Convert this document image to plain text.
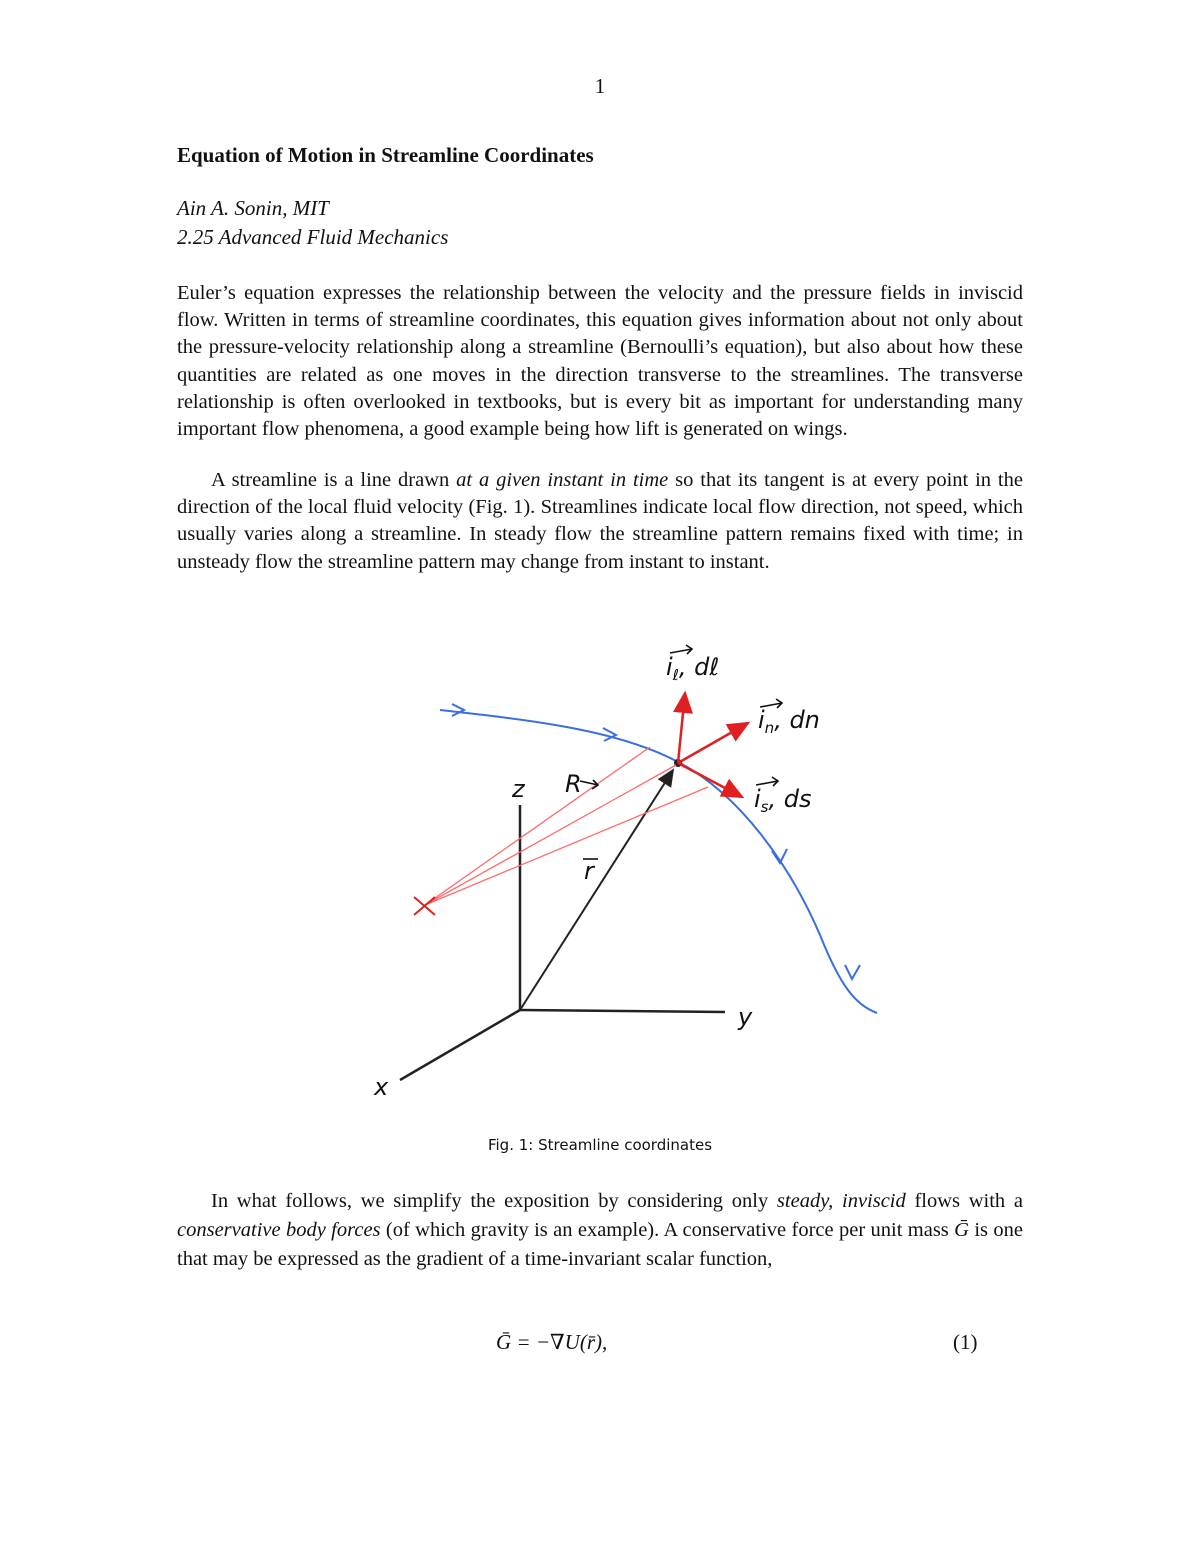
1
Equation of Motion in Streamline Coordinates
Ain A. Sonin, MIT
2.25 Advanced Fluid Mechanics

Euler’s equation expresses the relationship between the velocity and the pressure fields in inviscid flow. Written in terms of streamline coordinates, this equation gives information about not only about the pressure-velocity relationship along a streamline (Bernoulli’s equation), but also about how these quantities are related as one moves in the direction transverse to the streamlines. The transverse relationship is often overlooked in textbooks, but is every bit as important for understanding many important flow phenomena, a good example being how lift is generated on wings.

A streamline is a line drawn at a given instant in time so that its tangent is at every point in the direction of the local fluid velocity (Fig. 1). Streamlines indicate local flow direction, not speed, which usually varies along a streamline. In steady flow the streamline pattern remains fixed with time; in unsteady flow the streamline pattern may change from instant to instant.

$i_\ell$, dℓ
$i_n$, dn
$i_s$, ds
R
r
z
y
x
Fig. 1: Streamline coordinates

In what follows, we simplify the exposition by considering only steady, inviscid flows with a conservative body forces (of which gravity is an example). A conservative force per unit mass Ḡ is one that may be expressed as the gradient of a time-invariant scalar function,

Ḡ = −∇U(r̄),	(1)
